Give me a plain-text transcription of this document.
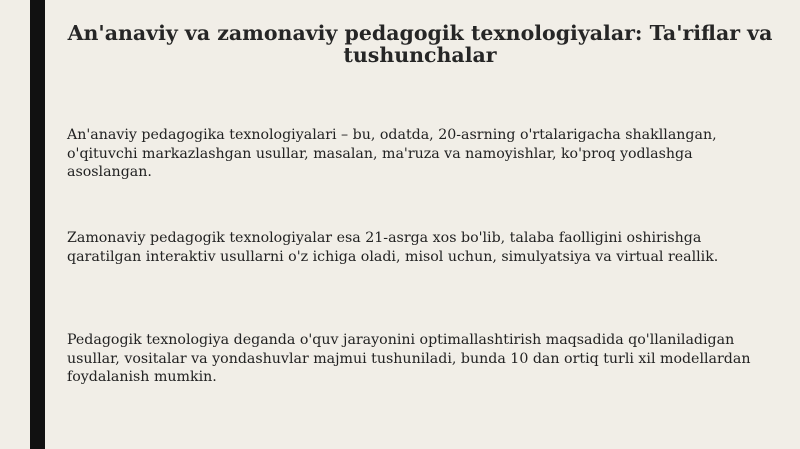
An'anaviy va zamonaviy pedagogik texnologiyalar: Ta'riflar va tushunchalar

An'anaviy pedagogika texnologiyalari – bu, odatda, 20-asrning o'rtalarigacha shakllangan, o'qituvchi markazlashgan usullar, masalan, ma'ruza va namoyishlar, ko'proq yodlashga asoslangan.

Zamonaviy pedagogik texnologiyalar esa 21-asrga xos bo'lib, talaba faolligini oshirishga qaratilgan interaktiv usullarni o'z ichiga oladi, misol uchun, simulyatsiya va virtual reallik.

Pedagogik texnologiya deganda o'quv jarayonini optimallashtirish maqsadida qo'llaniladigan usullar, vositalar va yondashuvlar majmui tushuniladi, bunda 10 dan ortiq turli xil modellardan foydalanish mumkin.
